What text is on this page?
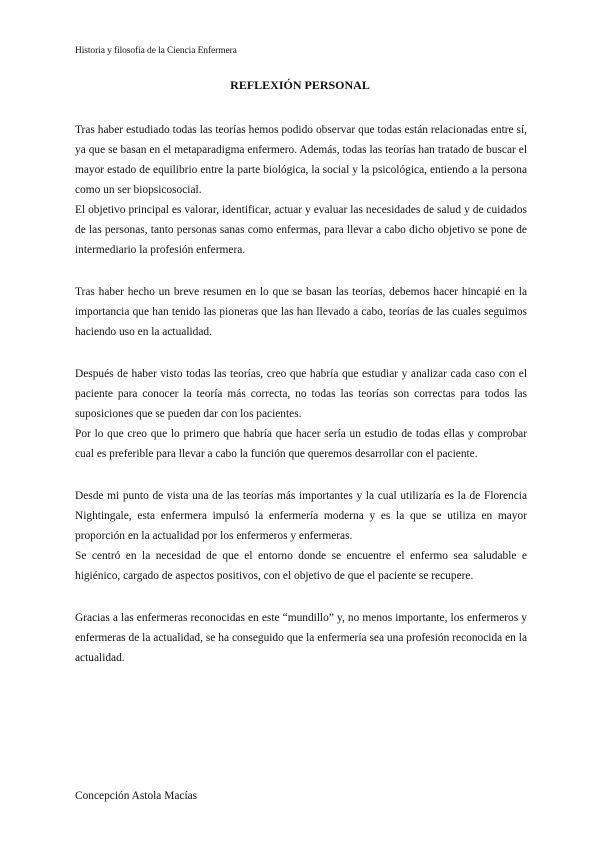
Historia y filosofía de la Ciencia Enfermera
REFLEXIÓN PERSONAL

Tras haber estudiado todas las teorías hemos podido observar que todas están relacionadas entre sí, ya que se basan en el metaparadigma enfermero. Además, todas las teorías han tratado de buscar el mayor estado de equilibrio entre la parte biológica, la social y la psicológica, entiendo a la persona como un ser biopsicosocial.

El objetivo principal es valorar, identificar, actuar y evaluar las necesidades de salud y de cuidados de las personas, tanto personas sanas como enfermas, para llevar a cabo dicho objetivo se pone de intermediario la profesión enfermera.

Tras haber hecho un breve resumen en lo que se basan las teorías, debemos hacer hincapié en la importancia que han tenido las pioneras que las han llevado a cabo, teorías de las cuales seguimos haciendo uso en la actualidad.

Después de haber visto todas las teorías, creo que habría que estudiar y analizar cada caso con el paciente para conocer la teoría más correcta, no todas las teorías son correctas para todos las suposiciones que se pueden dar con los pacientes.

Por lo que creo que lo primero que habría que hacer sería un estudio de todas ellas y comprobar cual es preferible para llevar a cabo la función que queremos desarrollar con el paciente.

Desde mi punto de vista una de las teorías más importantes y la cual utilizaría es la de Florencia Nightingale, esta enfermera impulsó la enfermería moderna y es la que se utiliza en mayor proporción en la actualidad por los enfermeros y enfermeras.

Se centró en la necesidad de que el entorno donde se encuentre el enfermo sea saludable e higiénico, cargado de aspectos positivos, con el objetivo de que el paciente se recupere.

Gracias a las enfermeras reconocidas en este “mundillo” y, no menos importante, los enfermeros y enfermeras de la actualidad, se ha conseguido que la enfermería sea una profesión reconocida en la actualidad.

Concepción Astola Macías
